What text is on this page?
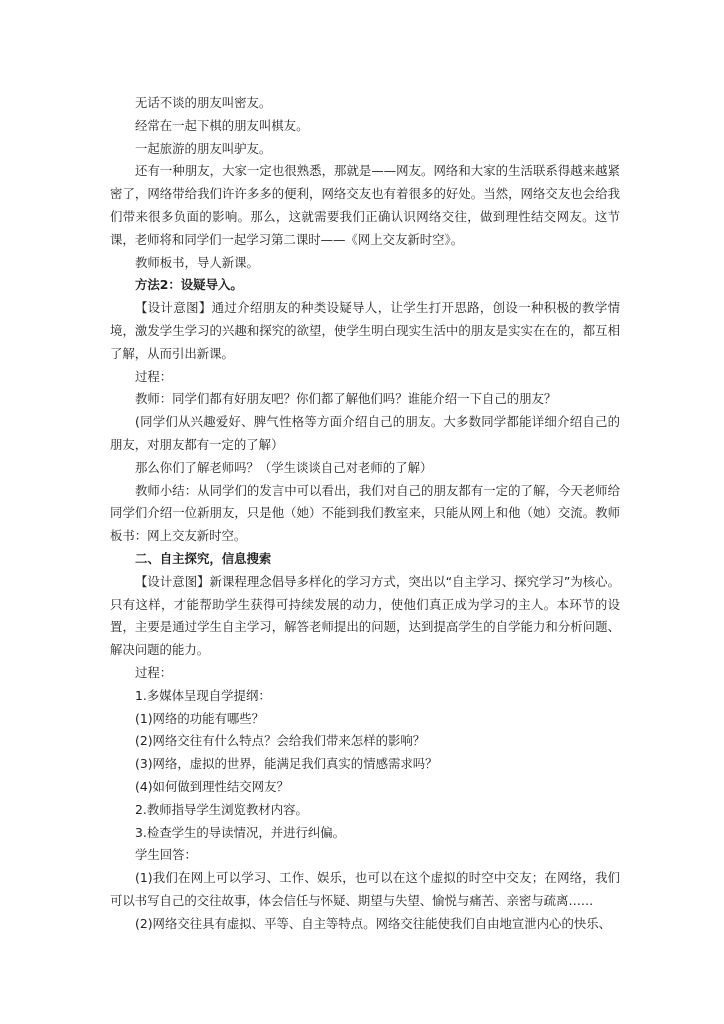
无话不谈的朋友叫密友。

经常在一起下棋的朋友叫棋友。

一起旅游的朋友叫驴友。

还有一种朋友，大家一定也很熟悉，那就是——网友。网络和大家的生活联系得越来越紧密了，网络带给我们许许多多的便利，网络交友也有着很多的好处。当然，网络交友也会给我们带来很多负面的影响。那么，这就需要我们正确认识网络交往，做到理性结交网友。这节课，老师将和同学们一起学习第二课时——《网上交友新时空》。

教师板书，导人新课。

方法2：设疑导入。

【设计意图】通过介绍朋友的种类设疑导人，让学生打开思路，创设一种积极的教学情境，激发学生学习的兴趣和探究的欲望，使学生明白现实生活中的朋友是实实在在的，都互相了解，从而引出新课。

过程：

教师：同学们都有好朋友吧？你们都了解他们吗？谁能介绍一下自己的朋友？

(同学们从兴趣爱好、脾气性格等方面介绍自己的朋友。大多数同学都能详细介绍自己的朋友，对朋友都有一定的了解）

那么你们了解老师吗？（学生谈谈自己对老师的了解）

教师小结：从同学们的发言中可以看出，我们对自己的朋友都有一定的了解，今天老师给同学们介绍一位新朋友，只是他（她）不能到我们教室来，只能从网上和他（她）交流。教师板书：网上交友新时空。

二、自主探究，信息搜索

【设计意图】新课程理念倡导多样化的学习方式，突出以“自主学习、探究学习”为核心。只有这样，才能帮助学生获得可持续发展的动力，使他们真正成为学习的主人。本环节的设置，主要是通过学生自主学习，解答老师提出的问题，达到提高学生的自学能力和分析问题、解决问题的能力。

过程：

1.多媒体呈现自学提纲：

(1)网络的功能有哪些？

(2)网络交往有什么特点？会给我们带来怎样的影响？

(3)网络，虚拟的世界，能满足我们真实的情感需求吗？

(4)如何做到理性结交网友？

2.教师指导学生浏览教材内容。

3.检查学生的导读情况，并进行纠偏。

学生回答：

(1)我们在网上可以学习、工作、娱乐，也可以在这个虚拟的时空中交友；在网络，我们可以书写自己的交往故事，体会信任与怀疑、期望与失望、愉悦与痛苦、亲密与疏离……

(2)网络交往具有虚拟、平等、自主等特点。网络交往能使我们自由地宣泄内心的快乐、
